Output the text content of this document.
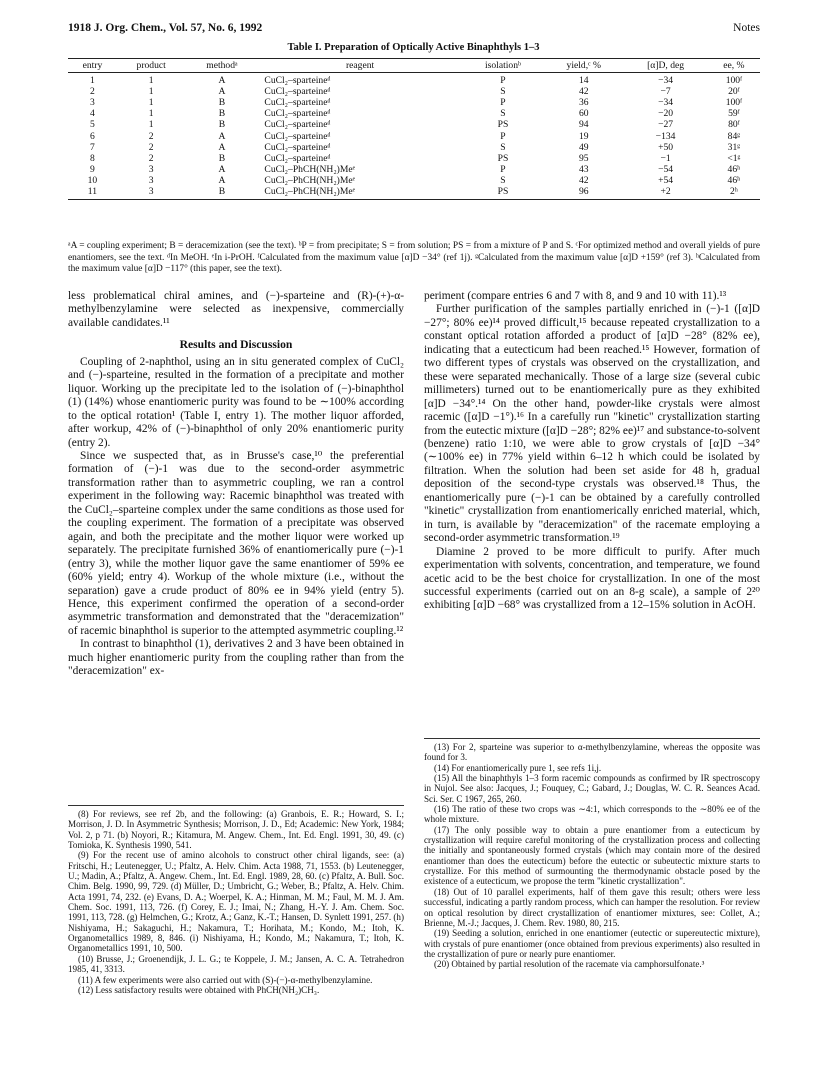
1918 J. Org. Chem., Vol. 57, No. 6, 1992	Notes
Table I. Preparation of Optically Active Binaphthyls 1–3
entry	product	methodᵃ	reagent	isolationᵇ	yield,ᶜ %	[α]D, deg	ee, %
1	1	A	CuCl₂–sparteineᵈ	P	14	−34	100ᶠ
2	1	A	CuCl₂–sparteineᵈ	S	42	−7	20ᶠ
3	1	B	CuCl₂–sparteineᵈ	P	36	−34	100ᶠ
4	1	B	CuCl₂–sparteineᵈ	S	60	−20	59ᶠ
5	1	B	CuCl₂–sparteineᵈ	PS	94	−27	80ᶠ
6	2	A	CuCl₂–sparteineᵈ	P	19	−134	84ᵍ
7	2	A	CuCl₂–sparteineᵈ	S	49	+50	31ᵍ
8	2	B	CuCl₂–sparteineᵈ	PS	95	−1	<1ᵍ
9	3	A	CuCl₂–PhCH(NH₂)Meᵉ	P	43	−54	46ʰ
10	3	A	CuCl₂–PhCH(NH₂)Meᵉ	S	42	+54	46ʰ
11	3	B	CuCl₂–PhCH(NH₂)Meᵉ	PS	96	+2	2ʰ
ᵃA = coupling experiment; B = deracemization (see the text). ᵇP = from precipitate; S = from solution; PS = from a mixture of P and S. ᶜFor optimized method and overall yields of pure enantiomers, see the text. ᵈIn MeOH. ᵉIn i-PrOH. ᶠCalculated from the maximum value [α]D −34° (ref 1j). ᵍCalculated from the maximum value [α]D +159° (ref 3). ʰCalculated from the maximum value [α]D −117° (this paper, see the text).

less problematical chiral amines, and (−)-sparteine and (R)-(+)-α-methylbenzylamine were selected as inexpensive, commercially available candidates.¹¹

Results and Discussion

Coupling of 2-naphthol, using an in situ generated complex of CuCl₂ and (−)-sparteine, resulted in the formation of a precipitate and mother liquor. Working up the precipitate led to the isolation of (−)-binaphthol (1) (14%) whose enantiomeric purity was found to be ∼100% according to the optical rotation¹ (Table I, entry 1). The mother liquor afforded, after workup, 42% of (−)-binaphthol of only 20% enantiomeric purity (entry 2).

Since we suspected that, as in Brusse's case,¹⁰ the preferential formation of (−)-1 was due to the second-order asymmetric transformation rather than to asymmetric coupling, we ran a control experiment in the following way: Racemic binaphthol was treated with the CuCl₂–sparteine complex under the same conditions as those used for the coupling experiment. The formation of a precipitate was observed again, and both the precipitate and the mother liquor were worked up separately. The precipitate furnished 36% of enantiomerically pure (−)-1 (entry 3), while the mother liquor gave the same enantiomer of 59% ee (60% yield; entry 4). Workup of the whole mixture (i.e., without the separation) gave a crude product of 80% ee in 94% yield (entry 5). Hence, this experiment confirmed the operation of a second-order asymmetric transformation and demonstrated that the "deracemization" of racemic binaphthol is superior to the attempted asymmetric coupling.¹²

In contrast to binaphthol (1), derivatives 2 and 3 have been obtained in much higher enantiomeric purity from the coupling rather than from the "deracemization" ex-

periment (compare entries 6 and 7 with 8, and 9 and 10 with 11).¹³

Further purification of the samples partially enriched in (−)-1 ([α]D −27°; 80% ee)¹⁴ proved difficult,¹⁵ because repeated crystallization to a constant optical rotation afforded a product of [α]D −28° (82% ee), indicating that a eutecticum had been reached.¹⁵ However, formation of two different types of crystals was observed on the crystallization, and these were separated mechanically. Those of a large size (several cubic millimeters) turned out to be enantiomerically pure as they exhibited [α]D −34°.¹⁴ On the other hand, powder-like crystals were almost racemic ([α]D −1°).¹⁶ In a carefully run "kinetic" crystallization starting from the eutectic mixture ([α]D −28°; 82% ee)¹⁷ and substance-to-solvent (benzene) ratio 1:10, we were able to grow crystals of [α]D −34° (∼100% ee) in 77% yield within 6–12 h which could be isolated by filtration. When the solution had been set aside for 48 h, gradual deposition of the second-type crystals was observed.¹⁸ Thus, the enantiomerically pure (−)-1 can be obtained by a carefully controlled "kinetic" crystallization from enantiomerically enriched material, which, in turn, is available by "deracemization" of the racemate employing a second-order asymmetric transformation.¹⁹

Diamine 2 proved to be more difficult to purify. After much experimentation with solvents, concentration, and temperature, we found acetic acid to be the best choice for crystallization. In one of the most successful experiments (carried out on an 8-g scale), a sample of 2²⁰ exhibiting [α]D −68° was crystallized from a 12–15% solution in AcOH.

(8) For reviews, see ref 2b, and the following: (a) Granbois, E. R.; Howard, S. I.; Morrison, J. D. In Asymmetric Synthesis; Morrison, J. D., Ed; Academic: New York, 1984; Vol. 2, p 71. (b) Noyori, R.; Kitamura, M. Angew. Chem., Int. Ed. Engl. 1991, 30, 49. (c) Tomioka, K. Synthesis 1990, 541.

(9) For the recent use of amino alcohols to construct other chiral ligands, see: (a) Fritschi, H.; Leutenegger, U.; Pfaltz, A. Helv. Chim. Acta 1988, 71, 1553. (b) Leutenegger, U.; Madin, A.; Pfaltz, A. Angew. Chem., Int. Ed. Engl. 1989, 28, 60. (c) Pfaltz, A. Bull. Soc. Chim. Belg. 1990, 99, 729. (d) Müller, D.; Umbricht, G.; Weber, B.; Pfaltz, A. Helv. Chim. Acta 1991, 74, 232. (e) Evans, D. A.; Woerpel, K. A.; Hinman, M. M.; Faul, M. M. J. Am. Chem. Soc. 1991, 113, 726. (f) Corey, E. J.; Imai, N.; Zhang, H.-Y. J. Am. Chem. Soc. 1991, 113, 728. (g) Helmchen, G.; Krotz, A.; Ganz, K.-T.; Hansen, D. Synlett 1991, 257. (h) Nishiyama, H.; Sakaguchi, H.; Nakamura, T.; Horihata, M.; Kondo, M.; Itoh, K. Organometallics 1989, 8, 846. (i) Nishiyama, H.; Kondo, M.; Nakamura, T.; Itoh, K. Organometallics 1991, 10, 500.

(10) Brusse, J.; Groenendijk, J. L. G.; te Koppele, J. M.; Jansen, A. C. A. Tetrahedron 1985, 41, 3313.

(11) A few experiments were also carried out with (S)-(−)-α-methylbenzylamine.

(12) Less satisfactory results were obtained with PhCH(NH₂)CH₃.

(13) For 2, sparteine was superior to α-methylbenzylamine, whereas the opposite was found for 3.

(14) For enantiomerically pure 1, see refs 1i,j.

(15) All the binaphthyls 1–3 form racemic compounds as confirmed by IR spectroscopy in Nujol. See also: Jacques, J.; Fouquey, C.; Gabard, J.; Douglas, W. C. R. Seances Acad. Sci. Ser. C 1967, 265, 260.

(16) The ratio of these two crops was ∼4:1, which corresponds to the ∼80% ee of the whole mixture.

(17) The only possible way to obtain a pure enantiomer from a eutecticum by crystallization will require careful monitoring of the crystallization process and collecting the initially and spontaneously formed crystals (which may contain more of the desired enantiomer than does the eutecticum) before the eutectic or subeutectic mixture starts to crystallize. For this method of surmounting the thermodynamic obstacle posed by the existence of a eutecticum, we propose the term "kinetic crystallization".

(18) Out of 10 parallel experiments, half of them gave this result; others were less successful, indicating a partly random process, which can hamper the resolution. For review on optical resolution by direct crystallization of enantiomer mixtures, see: Collet, A.; Brienne, M.-J.; Jacques, J. Chem. Rev. 1980, 80, 215.

(19) Seeding a solution, enriched in one enantiomer (eutectic or supereutectic mixture), with crystals of pure enantiomer (once obtained from previous experiments) also resulted in the crystallization of pure or nearly pure enantiomer.

(20) Obtained by partial resolution of the racemate via camphorsulfonate.³
